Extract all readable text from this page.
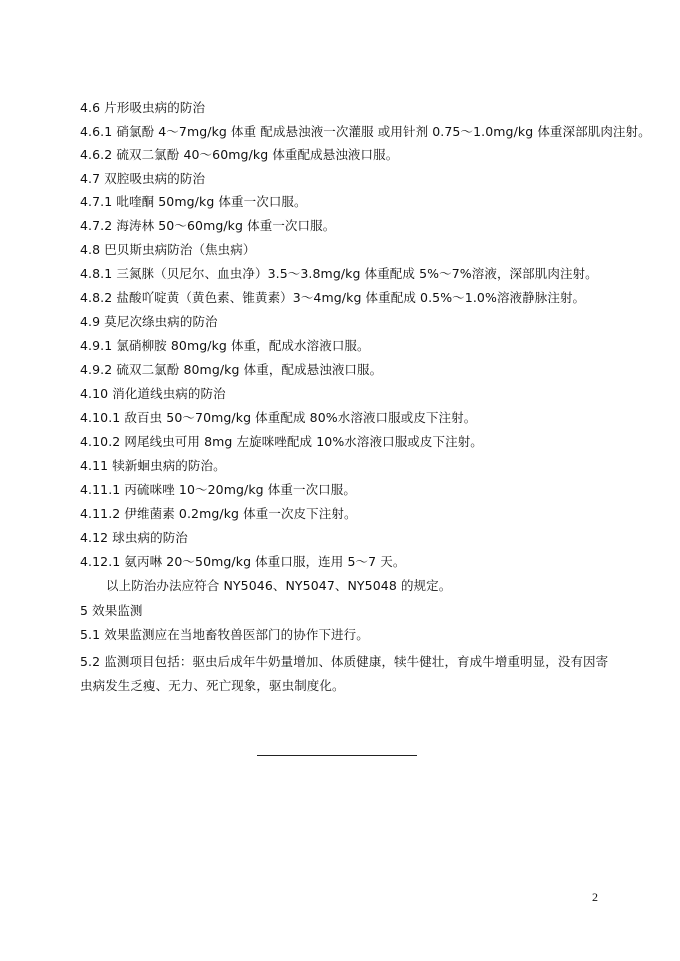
4.6 片形吸虫病的防治
4.6.1 硝氯酚 4～7mg/kg 体重 配成悬浊液一次灌服 或用针剂 0.75～1.0mg/kg 体重深部肌肉注射。
4.6.2 硫双二氯酚 40～60mg/kg 体重配成悬浊液口服。
4.7 双腔吸虫病的防治
4.7.1 吡喹酮 50mg/kg 体重一次口服。
4.7.2 海涛林 50～60mg/kg 体重一次口服。
4.8 巴贝斯虫病防治（焦虫病）
4.8.1 三氮脒（贝尼尔、血虫净）3.5～3.8mg/kg 体重配成 5%～7%溶液，深部肌肉注射。
4.8.2 盐酸吖啶黄（黄色素、锥黄素）3～4mg/kg 体重配成 0.5%～1.0%溶液静脉注射。
4.9 莫尼次绦虫病的防治
4.9.1 氯硝柳胺 80mg/kg 体重，配成水溶液口服。
4.9.2 硫双二氯酚 80mg/kg 体重，配成悬浊液口服。
4.10 消化道线虫病的防治
4.10.1 敌百虫 50～70mg/kg 体重配成 80%水溶液口服或皮下注射。
4.10.2 网尾线虫可用 8mg 左旋咪唑配成 10%水溶液口服或皮下注射。
4.11 犊新蛔虫病的防治。
4.11.1 丙硫咪唑 10～20mg/kg 体重一次口服。
4.11.2 伊维菌素 0.2mg/kg 体重一次皮下注射。
4.12 球虫病的防治
4.12.1 氨丙啉 20～50mg/kg 体重口服，连用 5～7 天。
以上防治办法应符合 NY5046、NY5047、NY5048 的规定。
5 效果监测
5.1 效果监测应在当地畜牧兽医部门的协作下进行。
5.2 监测项目包括：驱虫后成年牛奶量增加、体质健康，犊牛健壮，育成牛增重明显，没有因寄虫病发生乏瘦、无力、死亡现象，驱虫制度化。
2
